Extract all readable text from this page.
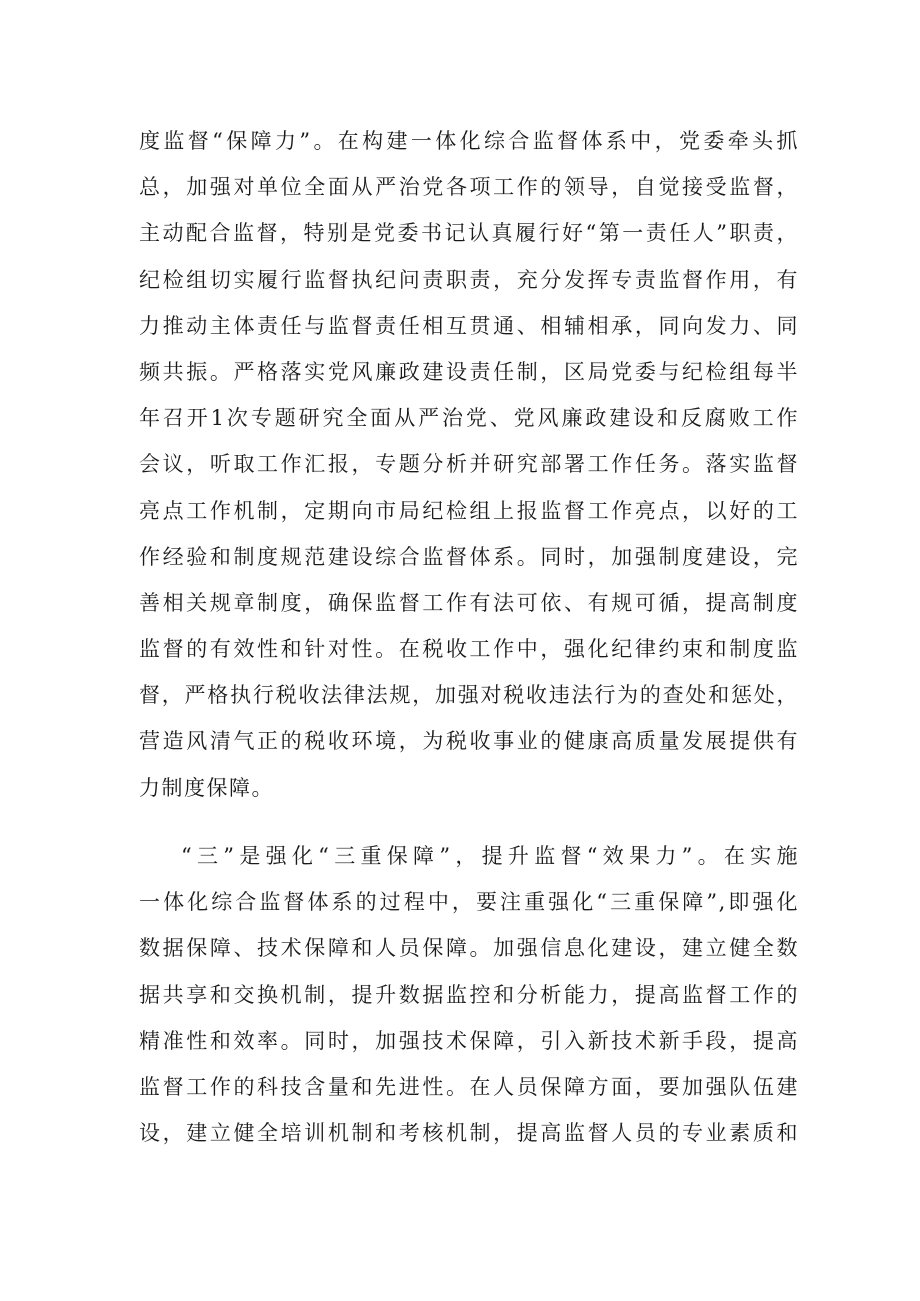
度监督“保障力”。在构建一体化综合监督体系中，党委牵头抓
总，加强对单位全面从严治党各项工作的领导，自觉接受监督，
主动配合监督，特别是党委书记认真履行好“第一责任人”职责，
纪检组切实履行监督执纪问责职责，充分发挥专责监督作用，有
力推动主体责任与监督责任相互贯通、相辅相承，同向发力、同
频共振。严格落实党风廉政建设责任制，区局党委与纪检组每半
年召开1次专题研究全面从严治党、党风廉政建设和反腐败工作
会议，听取工作汇报，专题分析并研究部署工作任务。落实监督
亮点工作机制，定期向市局纪检组上报监督工作亮点，以好的工
作经验和制度规范建设综合监督体系。同时，加强制度建设，完
善相关规章制度，确保监督工作有法可依、有规可循，提高制度
监督的有效性和针对性。在税收工作中，强化纪律约束和制度监
督，严格执行税收法律法规，加强对税收违法行为的查处和惩处，
营造风清气正的税收环境，为税收事业的健康高质量发展提供有
力制度保障。
“三”是强化“三重保障”，提升监督“效果力”。在实施
一体化综合监督体系的过程中，要注重强化“三重保障”,即强化
数据保障、技术保障和人员保障。加强信息化建设，建立健全数
据共享和交换机制，提升数据监控和分析能力，提高监督工作的
精准性和效率。同时，加强技术保障，引入新技术新手段，提高
监督工作的科技含量和先进性。在人员保障方面，要加强队伍建
设，建立健全培训机制和考核机制，提高监督人员的专业素质和
